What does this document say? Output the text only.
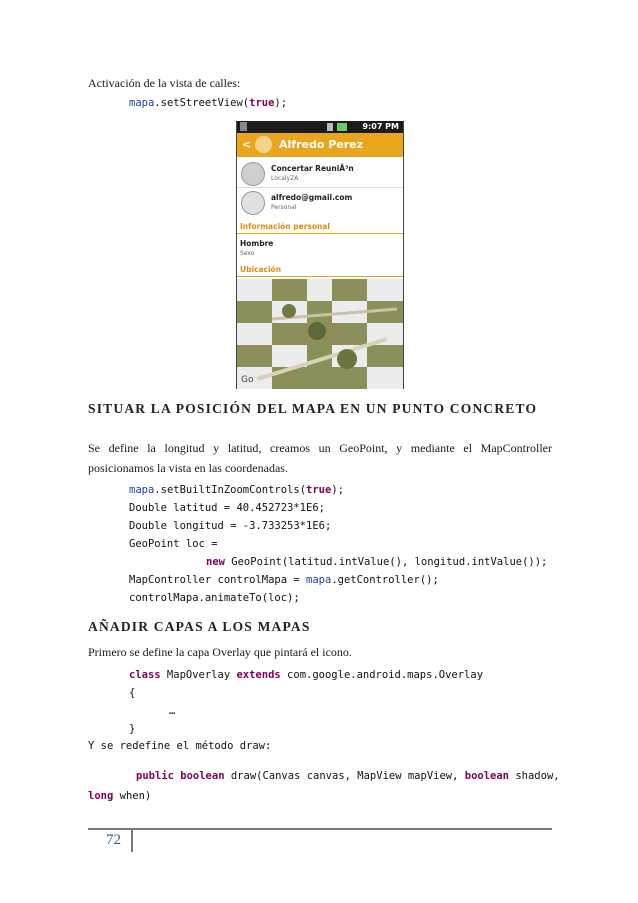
Activación de la vista de calles:
mapa.setStreetView(true);
9:07 PM
<	Alfredo Perez
Concertar ReuniÃ³n
LocalyZA
alfredo@gmail.com
Personal
Información personal
Hombre
Sexo
Ubicación
Go
SITUAR LA POSICIÓN DEL MAPA EN UN PUNTO CONCRETO
Se define la longitud y latitud, creamos un GeoPoint, y mediante el MapController posicionamos la vista en las coordenadas.
mapa.setBuiltInZoomControls(true);
Double latitud = 40.452723*1E6;
Double longitud = -3.733253*1E6;
GeoPoint loc =
new GeoPoint(latitud.intValue(), longitud.intValue());
MapController controlMapa = mapa.getController();
controlMapa.animateTo(loc);
AÑADIR CAPAS A LOS MAPAS
Primero se define la capa Overlay que pintará el icono.
class MapOverlay extends com.google.android.maps.Overlay
{
…
}
Y se redefine el método draw:
public boolean draw(Canvas canvas, MapView mapView, boolean shadow,
long when)
72
